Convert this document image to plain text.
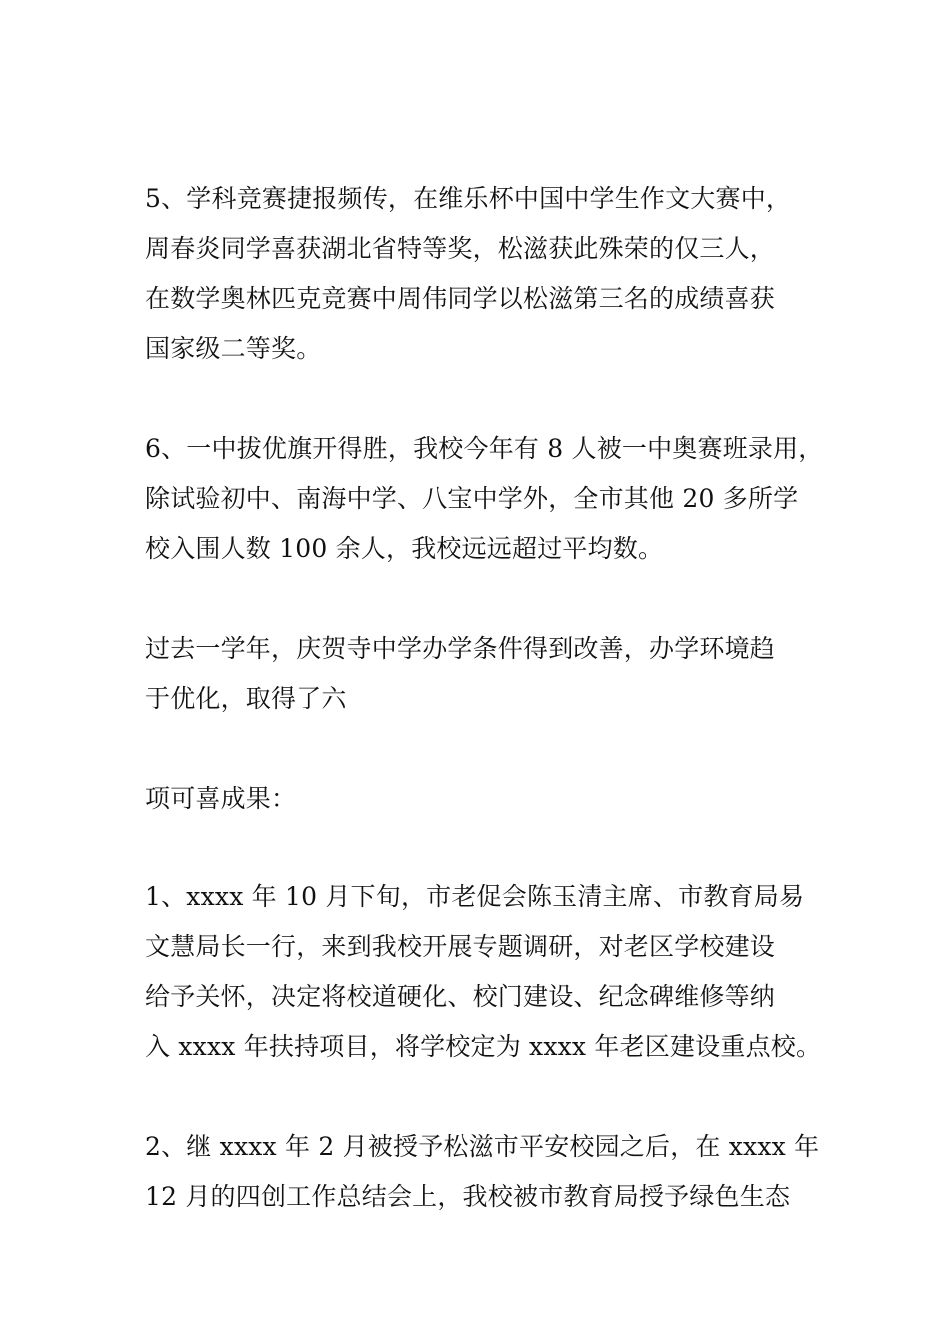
5、学科竞赛捷报频传，在维乐杯中国中学生作文大赛中，
周春炎同学喜获湖北省特等奖，松滋获此殊荣的仅三人，
在数学奥林匹克竞赛中周伟同学以松滋第三名的成绩喜获
国家级二等奖。
6、一中拔优旗开得胜，我校今年有 8 人被一中奥赛班录用，
除试验初中、南海中学、八宝中学外，全市其他 20 多所学
校入围人数 100 余人，我校远远超过平均数。
过去一学年，庆贺寺中学办学条件得到改善，办学环境趋
于优化，取得了六
项可喜成果：
1、xxxx 年 10 月下旬，市老促会陈玉清主席、市教育局易
文慧局长一行，来到我校开展专题调研，对老区学校建设
给予关怀，决定将校道硬化、校门建设、纪念碑维修等纳
入 xxxx 年扶持项目，将学校定为 xxxx 年老区建设重点校。
2、继 xxxx 年 2 月被授予松滋市平安校园之后，在 xxxx 年
12 月的四创工作总结会上，我校被市教育局授予绿色生态
